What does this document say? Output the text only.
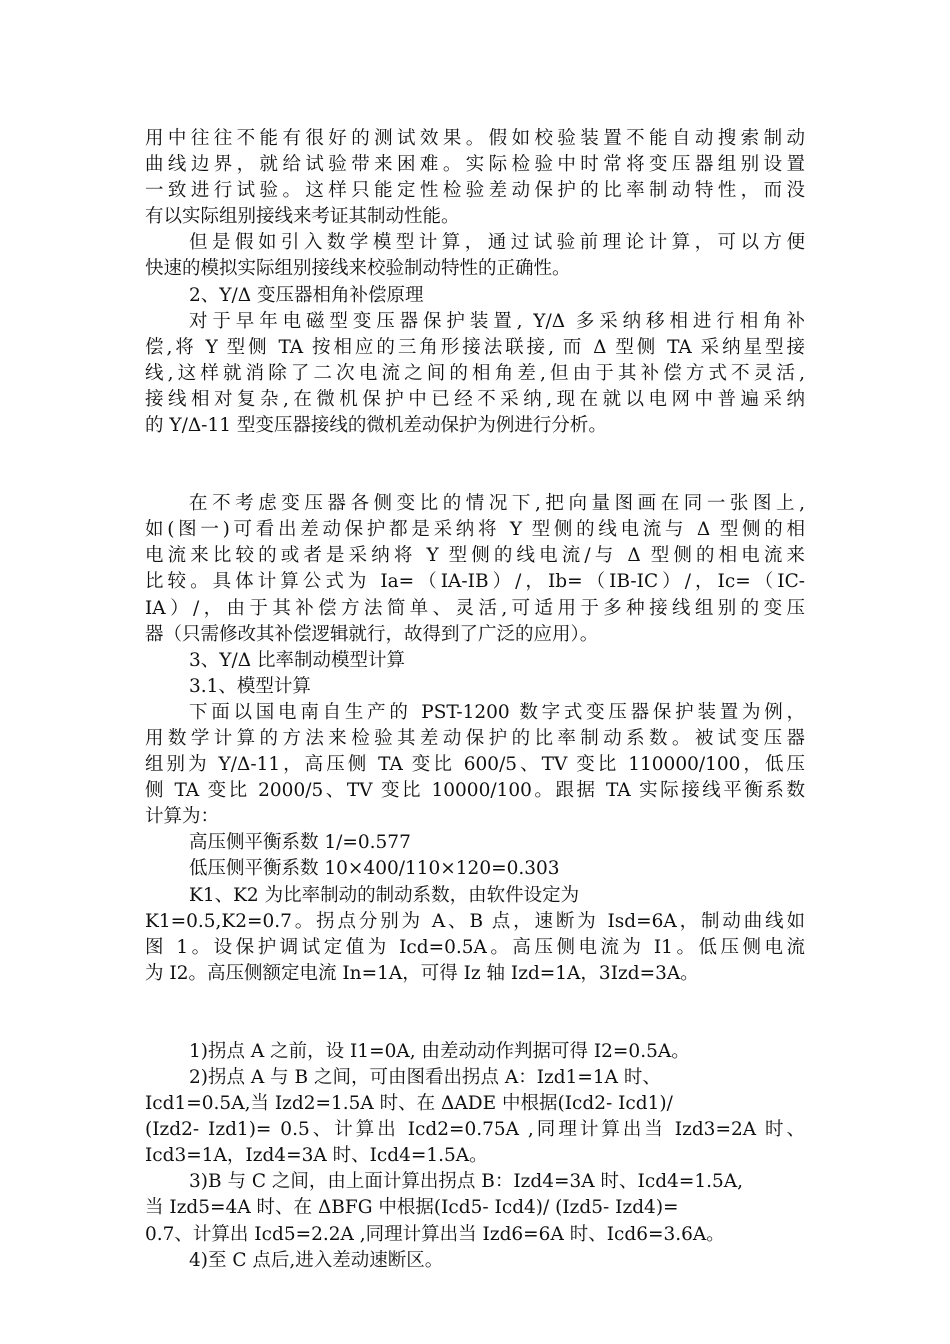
用中往往不能有很好的测试效果。假如校验装置不能自动搜索制动
曲线边界，就给试验带来困难。实际检验中时常将变压器组别设置
一致进行试验。这样只能定性检验差动保护的比率制动特性，而没
有以实际组别接线来考证其制动性能。
但是假如引入数学模型计算，通过试验前理论计算，可以方便
快速的模拟实际组别接线来校验制动特性的正确性。
2、Y/Δ 变压器相角补偿原理
对于早年电磁型变压器保护装置, Y/Δ 多采纳移相进行相角补
偿,将 Y 型侧 TA 按相应的三角形接法联接, 而 Δ 型侧 TA 采纳星型接
线,这样就消除了二次电流之间的相角差,但由于其补偿方式不灵活,
接线相对复杂,在微机保护中已经不采纳,现在就以电网中普遍采纳
的 Y/Δ-11 型变压器接线的微机差动保护为例进行分析。
在不考虑变压器各侧变比的情况下,把向量图画在同一张图上,
如(图一)可看出差动保护都是采纳将 Y 型侧的线电流与 Δ 型侧的相
电流来比较的或者是采纳将 Y 型侧的线电流/与 Δ 型侧的相电流来
比较。具体计算公式为 Ia=（IA-IB）/，Ib=（IB-IC）/，Ic=（IC-
IA）/，由于其补偿方法简单、灵活,可适用于多种接线组别的变压
器（只需修改其补偿逻辑就行，故得到了广泛的应用）。
3、Y/Δ 比率制动模型计算
3.1、模型计算
下面以国电南自生产的 PST-1200 数字式变压器保护装置为例，
用数学计算的方法来检验其差动保护的比率制动系数。被试变压器
组别为 Y/Δ-11，高压侧 TA 变比 600/5、TV 变比 110000/100，低压
侧 TA 变比 2000/5、TV 变比 10000/100。跟据 TA 实际接线平衡系数
计算为：
高压侧平衡系数 1/=0.577
低压侧平衡系数 10×400/110×120=0.303
K1、K2 为比率制动的制动系数，由软件设定为
K1=0.5,K2=0.7。拐点分别为 A、B 点，速断为 Isd=6A，制动曲线如
图 1。设保护调试定值为 Icd=0.5A。高压侧电流为 I1。低压侧电流
为 I2。高压侧额定电流 In=1A，可得 Iz 轴 Izd=1A，3Izd=3A。
1)拐点 A 之前，设 I1=0A, 由差动动作判据可得 I2=0.5A。
2)拐点 A 与 B 之间，可由图看出拐点 A：Izd1=1A 时、
Icd1=0.5A,当 Izd2=1.5A 时、在 ΔADE 中根据(Icd2- Icd1)/
(Izd2- Izd1)= 0.5、计算出 Icd2=0.75A ,同理计算出当 Izd3=2A 时、
Icd3=1A，Izd4=3A 时、Icd4=1.5A。
3)B 与 C 之间，由上面计算出拐点 B：Izd4=3A 时、Icd4=1.5A,
当 Izd5=4A 时、在 ΔBFG 中根据(Icd5- Icd4)/ (Izd5- Izd4)=
0.7、计算出 Icd5=2.2A ,同理计算出当 Izd6=6A 时、Icd6=3.6A。
4)至 C 点后,进入差动速断区。
